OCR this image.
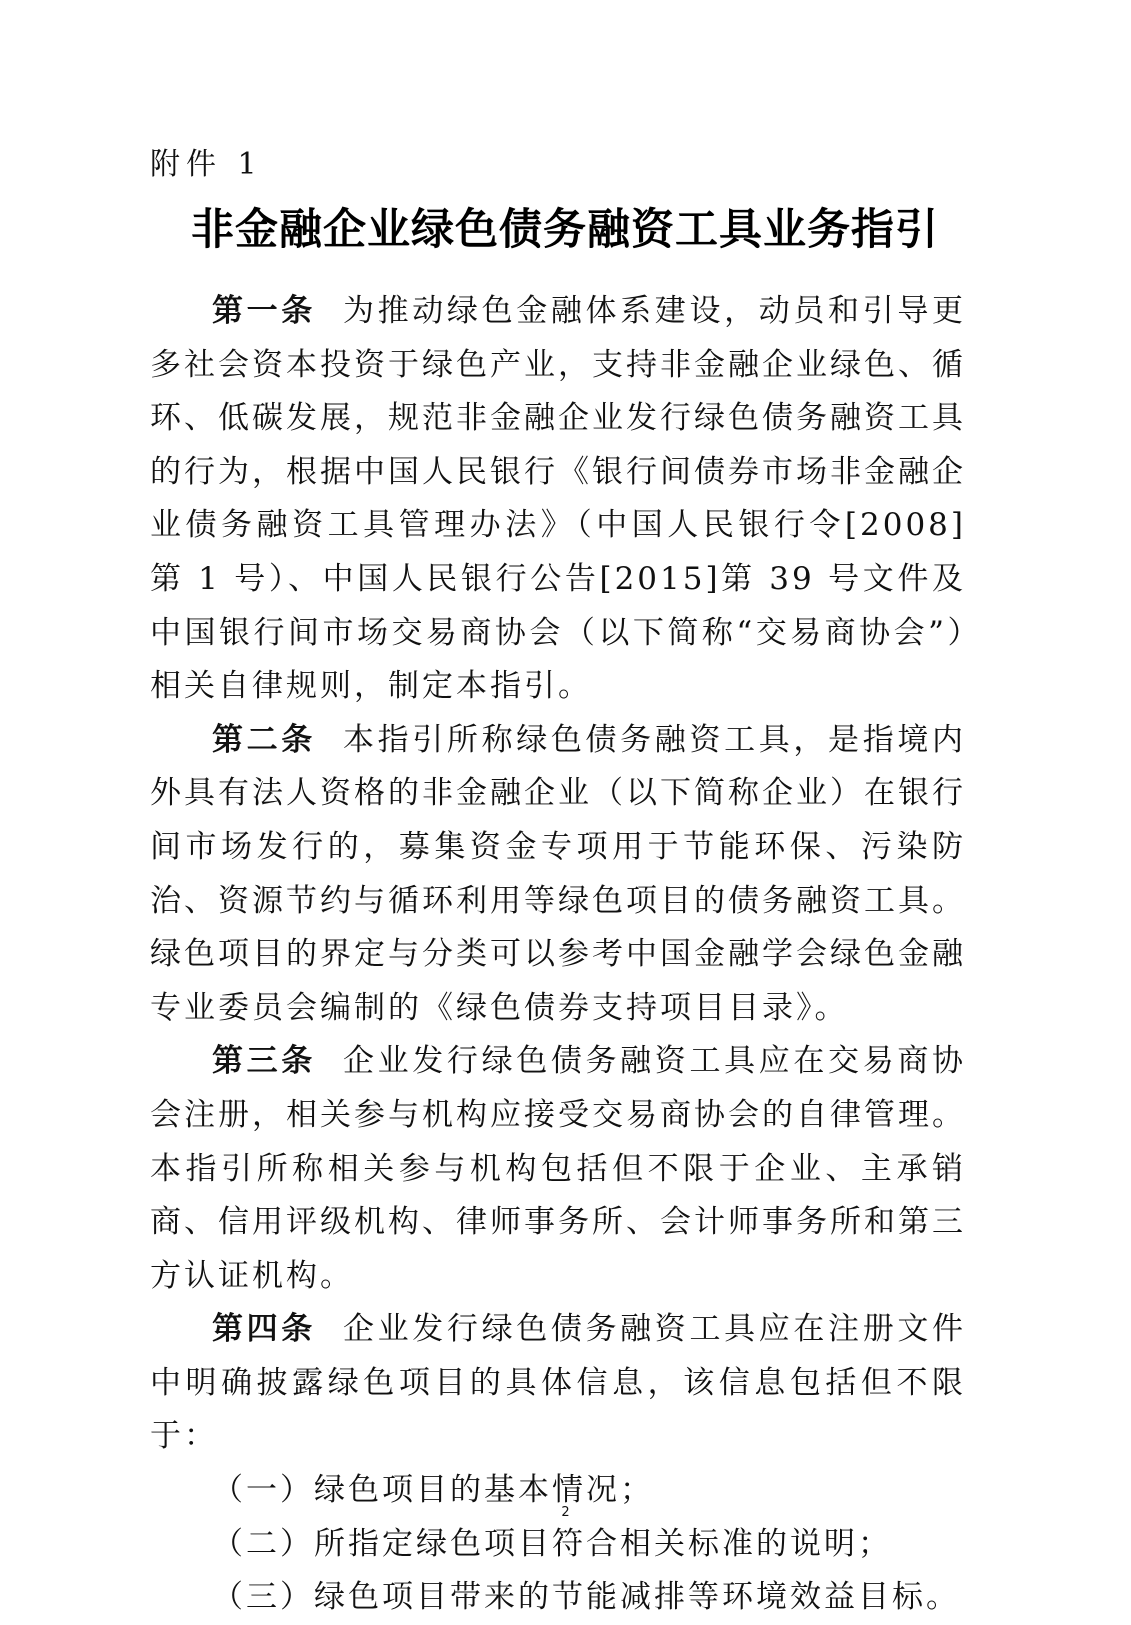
附件 1
非金融企业绿色债务融资工具业务指引

第一条 为推动绿色金融体系建设，动员和引导更多社会资本投资于绿色产业，支持非金融企业绿色、循环、低碳发展，规范非金融企业发行绿色债务融资工具的行为，根据中国人民银行《银行间债券市场非金融企业债务融资工具管理办法》（中国人民银行令[2008]第 1 号）、中国人民银行公告[2015]第 39 号文件及中国银行间市场交易商协会（以下简称“交易商协会”）相关自律规则，制定本指引。

第二条 本指引所称绿色债务融资工具，是指境内外具有法人资格的非金融企业（以下简称企业）在银行间市场发行的，募集资金专项用于节能环保、污染防治、资源节约与循环利用等绿色项目的债务融资工具。绿色项目的界定与分类可以参考中国金融学会绿色金融专业委员会编制的《绿色债券支持项目目录》。

第三条 企业发行绿色债务融资工具应在交易商协会注册，相关参与机构应接受交易商协会的自律管理。本指引所称相关参与机构包括但不限于企业、主承销商、信用评级机构、律师事务所、会计师事务所和第三方认证机构。

第四条 企业发行绿色债务融资工具应在注册文件中明确披露绿色项目的具体信息，该信息包括但不限于：

（一）绿色项目的基本情况；

（二）所指定绿色项目符合相关标准的说明；

（三）绿色项目带来的节能减排等环境效益目标。

2
